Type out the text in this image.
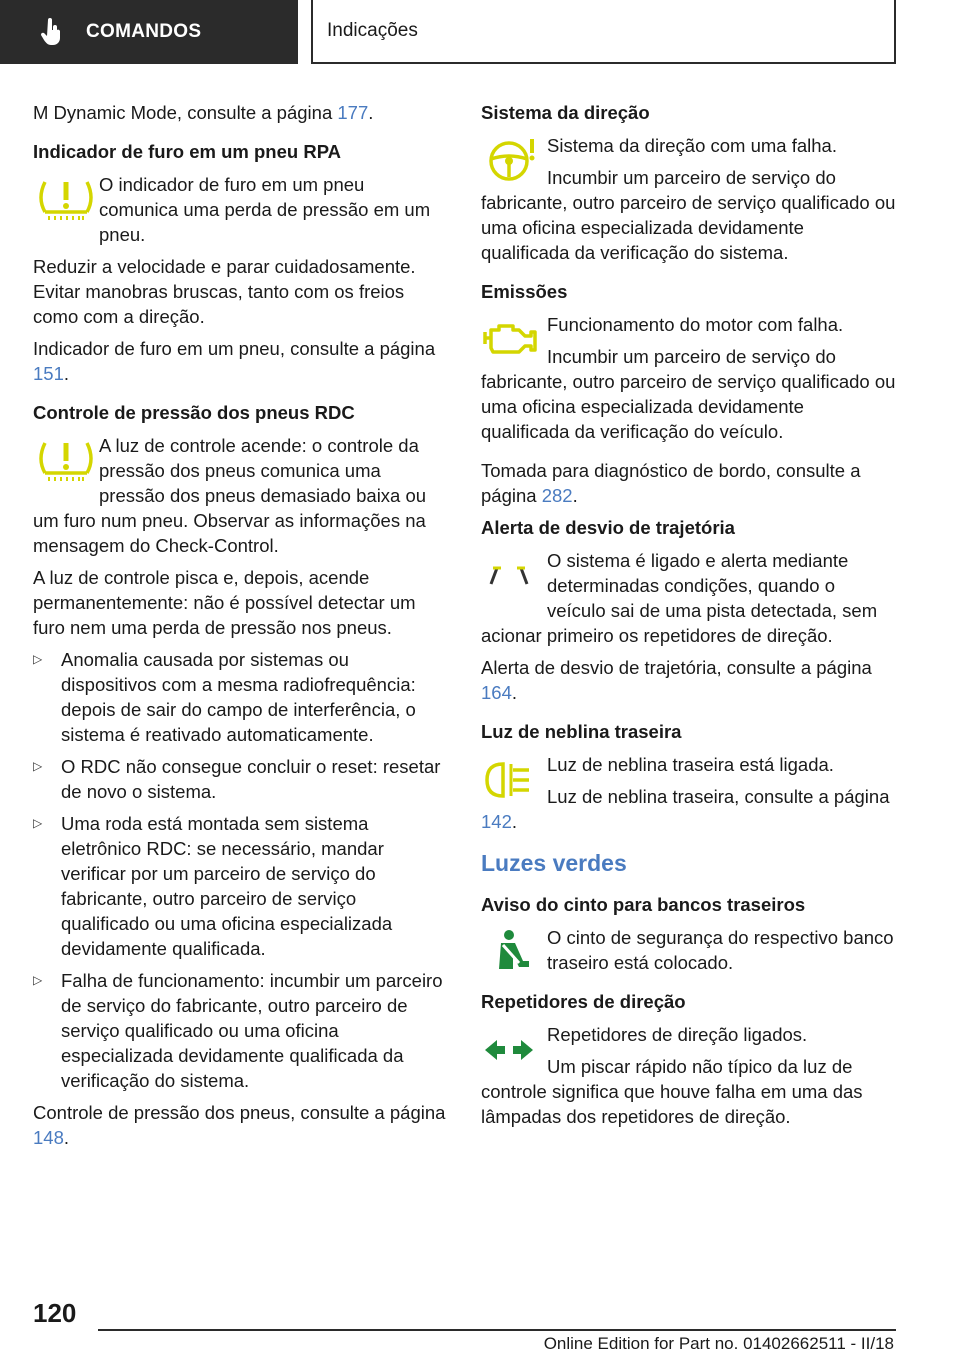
COMANDOS	Indicações

M Dynamic Mode, consulte a página 177.

Indicador de furo em um pneu RPA

O indicador de furo em um pneu comunica uma perda de pressão em um pneu.

Reduzir a velocidade e parar cuidadosamente. Evitar manobras bruscas, tanto com os freios como com a direção.

Indicador de furo em um pneu, consulte a página 151.

Controle de pressão dos pneus RDC

A luz de controle acende: o controle da pressão dos pneus comunica uma pressão dos pneus demasiado baixa ou um furo num pneu. Observar as informações na mensagem do Check-Control.

A luz de controle pisca e, depois, acende permanentemente: não é possível detectar um furo nem uma perda de pressão nos pneus.

▷ Anomalia causada por sistemas ou dispositivos com a mesma radiofrequência: depois de sair do campo de interferência, o sistema é reativado automaticamente.
▷ O RDC não consegue concluir o reset: resetar de novo o sistema.
▷ Uma roda está montada sem sistema eletrônico RDC: se necessário, mandar verificar por um parceiro de serviço do fabricante, outro parceiro de serviço qualificado ou uma oficina especializada devidamente qualificada.
▷ Falha de funcionamento: incumbir um parceiro de serviço do fabricante, outro parceiro de serviço qualificado ou uma oficina especializada devidamente qualificada da verificação do sistema.

Controle de pressão dos pneus, consulte a página 148.

Sistema da direção

Sistema da direção com uma falha.

Incumbir um parceiro de serviço do fabricante, outro parceiro de serviço qualificado ou uma oficina especializada devidamente qualificada da verificação do sistema.

Emissões

Funcionamento do motor com falha.

Incumbir um parceiro de serviço do fabricante, outro parceiro de serviço qualificado ou uma oficina especializada devidamente qualificada da verificação do veículo.

Tomada para diagnóstico de bordo, consulte a página 282.

Alerta de desvio de trajetória

O sistema é ligado e alerta mediante determinadas condições, quando o veículo sai de uma pista detectada, sem acionar primeiro os repetidores de direção.

Alerta de desvio de trajetória, consulte a página 164.

Luz de neblina traseira

Luz de neblina traseira está ligada.

Luz de neblina traseira, consulte a página 142.

Luzes verdes
Aviso do cinto para bancos traseiros

O cinto de segurança do respectivo banco traseiro está colocado.

Repetidores de direção

Repetidores de direção ligados.

Um piscar rápido não típico da luz de controle significa que houve falha em uma das lâmpadas dos repetidores de direção.

120
Online Edition for Part no. 01402662511 - II/18
